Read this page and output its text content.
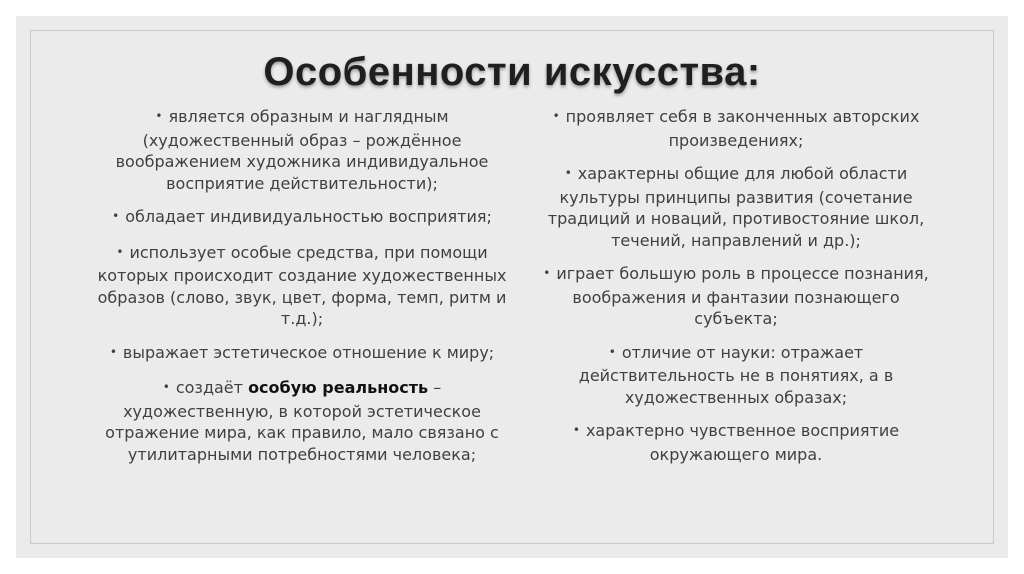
Особенности искусства:

• является образным и наглядным (художественный образ – рождённое воображением художника индивидуальное восприятие действительности);

• обладает индивидуальностью восприятия;

• использует особые средства, при помощи которых происходит создание художественных образов (слово, звук, цвет, форма, темп, ритм и т.д.);

• выражает эстетическое отношение к миру;

• создаёт особую реальность – художественную, в которой эстетическое отражение мира, как правило, мало связано с утилитарными потребностями человека;

• проявляет себя в законченных авторских произведениях;

• характерны общие для любой области культуры принципы развития (сочетание традиций и новаций, противостояние школ, течений, направлений и др.);

• играет большую роль в процессе познания, воображения и фантазии познающего субъекта;

• отличие от науки: отражает действительность не в понятиях, а в художественных образах;

• характерно чувственное восприятие окружающего мира.
